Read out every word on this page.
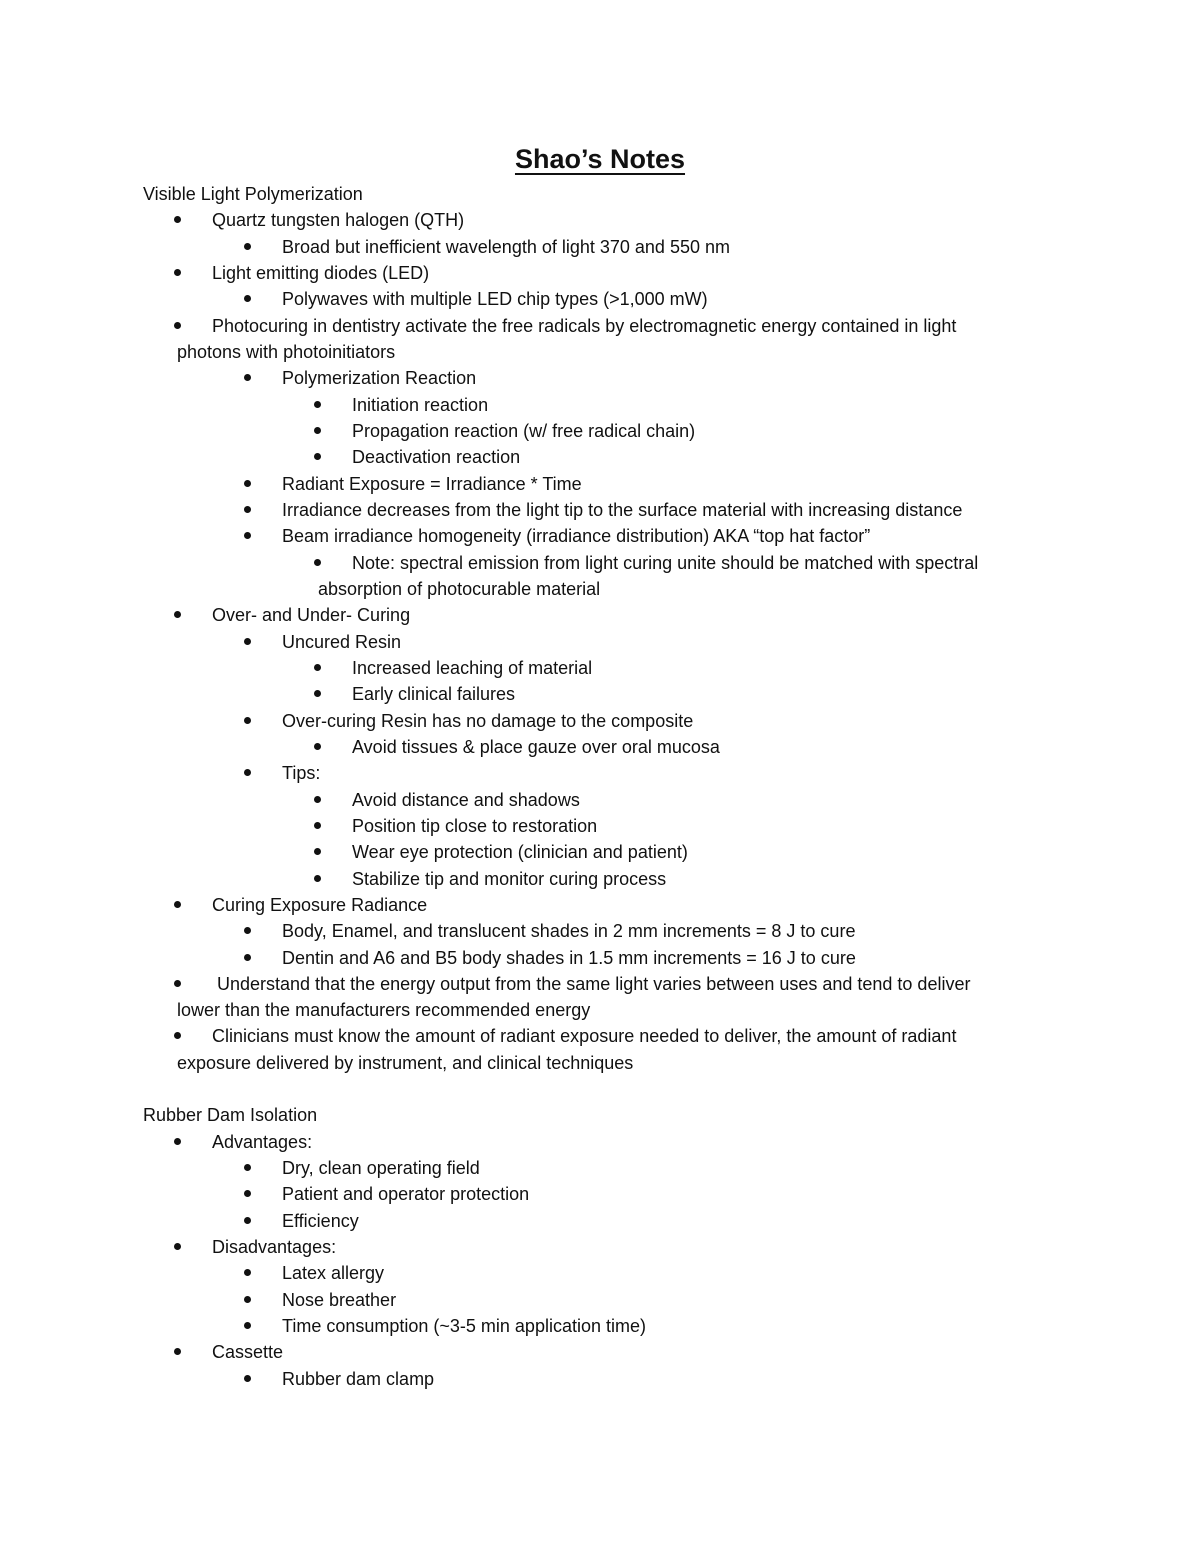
Shao’s Notes
Visible Light Polymerization
Quartz tungsten halogen (QTH)
Broad but inefficient wavelength of light 370 and 550 nm
Light emitting diodes (LED)
Polywaves with multiple LED chip types (>1,000 mW)
Photocuring in dentistry activate the free radicals by electromagnetic energy contained in light
photons with photoinitiators
Polymerization Reaction
Initiation reaction
Propagation reaction (w/ free radical chain)
Deactivation reaction
Radiant Exposure = Irradiance * Time
Irradiance decreases from the light tip to the surface material with increasing distance
Beam irradiance homogeneity (irradiance distribution) AKA “top hat factor”
Note: spectral emission from light curing unite should be matched with spectral
absorption of photocurable material
Over- and Under- Curing
Uncured Resin
Increased leaching of material
Early clinical failures
Over-curing Resin has no damage to the composite
Avoid tissues & place gauze over oral mucosa
Tips:
Avoid distance and shadows
Position tip close to restoration
Wear eye protection (clinician and patient)
Stabilize tip and monitor curing process
Curing Exposure Radiance
Body, Enamel, and translucent shades in 2 mm increments = 8 J to cure
Dentin and A6 and B5 body shades in 1.5 mm increments = 16 J to cure
Understand that the energy output from the same light varies between uses and tend to deliver
lower than the manufacturers recommended energy
Clinicians must know the amount of radiant exposure needed to deliver, the amount of radiant
exposure delivered by instrument, and clinical techniques
Rubber Dam Isolation
Advantages:
Dry, clean operating field
Patient and operator protection
Efficiency
Disadvantages:
Latex allergy
Nose breather
Time consumption (~3-5 min application time)
Cassette
Rubber dam clamp
